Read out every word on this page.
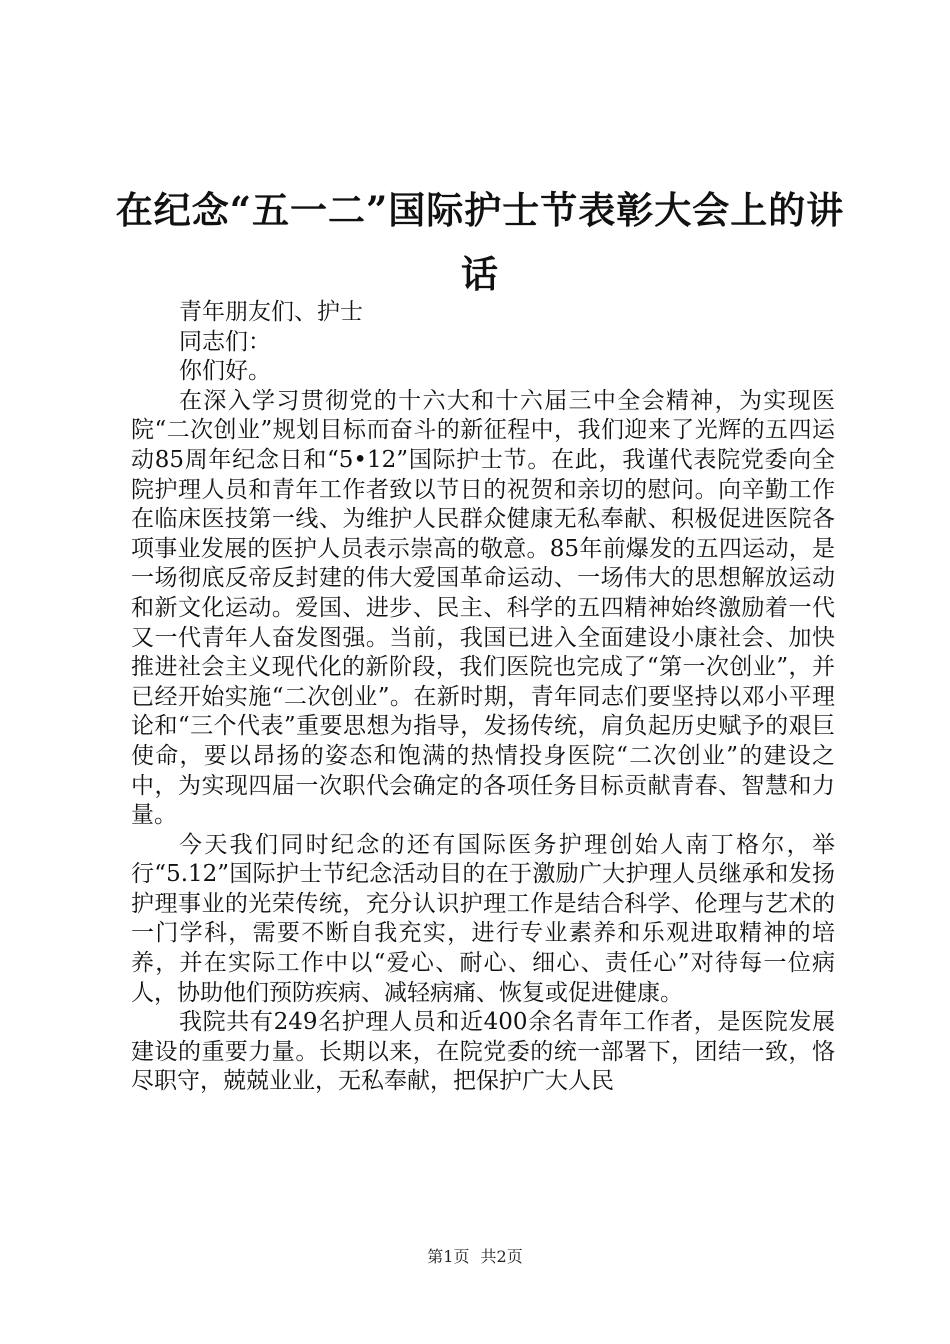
在纪念“五一二”国际护士节表彰大会上的讲
话

青年朋友们、护士

同志们：

你们好。

在深入学习贯彻党的十六大和十六届三中全会精神，为实现医院“二次创业”规划目标而奋斗的新征程中，我们迎来了光辉的五四运动85周年纪念日和“5•12”国际护士节。在此，我谨代表院党委向全院护理人员和青年工作者致以节日的祝贺和亲切的慰问。向辛勤工作在临床医技第一线、为维护人民群众健康无私奉献、积极促进医院各项事业发展的医护人员表示崇高的敬意。85年前爆发的五四运动，是一场彻底反帝反封建的伟大爱国革命运动、一场伟大的思想解放运动和新文化运动。爱国、进步、民主、科学的五四精神始终激励着一代又一代青年人奋发图强。当前，我国已进入全面建设小康社会、加快推进社会主义现代化的新阶段，我们医院也完成了“第一次创业”，并已经开始实施“二次创业”。在新时期，青年同志们要坚持以邓小平理论和“三个代表”重要思想为指导，发扬传统，肩负起历史赋予的艰巨使命，要以昂扬的姿态和饱满的热情投身医院“二次创业”的建设之中，为实现四届一次职代会确定的各项任务目标贡献青春、智慧和力量。

今天我们同时纪念的还有国际医务护理创始人南丁格尔，举行“5.12”国际护士节纪念活动目的在于激励广大护理人员继承和发扬护理事业的光荣传统，充分认识护理工作是结合科学、伦理与艺术的一门学科，需要不断自我充实，进行专业素养和乐观进取精神的培养，并在实际工作中以“爱心、耐心、细心、责任心”对待每一位病人，协助他们预防疾病、减轻病痛、恢复或促进健康。

我院共有249名护理人员和近400余名青年工作者，是医院发展建设的重要力量。长期以来，在院党委的统一部署下，团结一致，恪尽职守，兢兢业业，无私奉献，把保护广大人民

第1页 共2页
